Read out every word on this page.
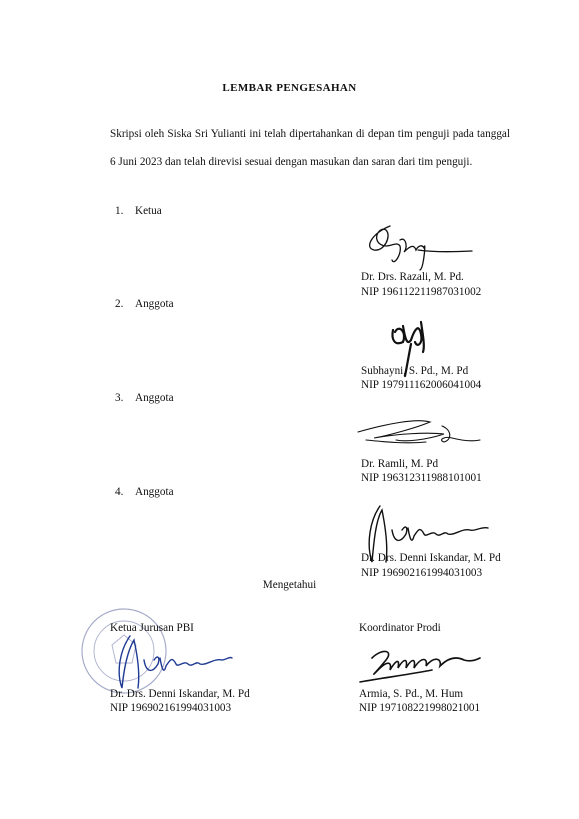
LEMBAR PENGESAHAN
Skripsi oleh Siska Sri Yulianti ini telah dipertahankan di depan tim penguji pada tanggal 6 Juni 2023 dan telah direvisi sesuai dengan masukan dan saran dari tim penguji.
1. Ketua
Dr. Drs. Razali, M. Pd.
NIP 196112211987031002
2. Anggota
Subhayni, S. Pd., M. Pd
NIP 197911162006041004
3. Anggota
Dr. Ramli, M. Pd
NIP 196312311988101001
4. Anggota
Dr. Drs. Denni Iskandar, M. Pd
NIP 196902161994031003
Mengetahui
Ketua Jurusan PBI
Dr. Drs. Denni Iskandar, M. Pd
NIP 196902161994031003
Koordinator Prodi
Armia, S. Pd., M. Hum
NIP 197108221998021001
